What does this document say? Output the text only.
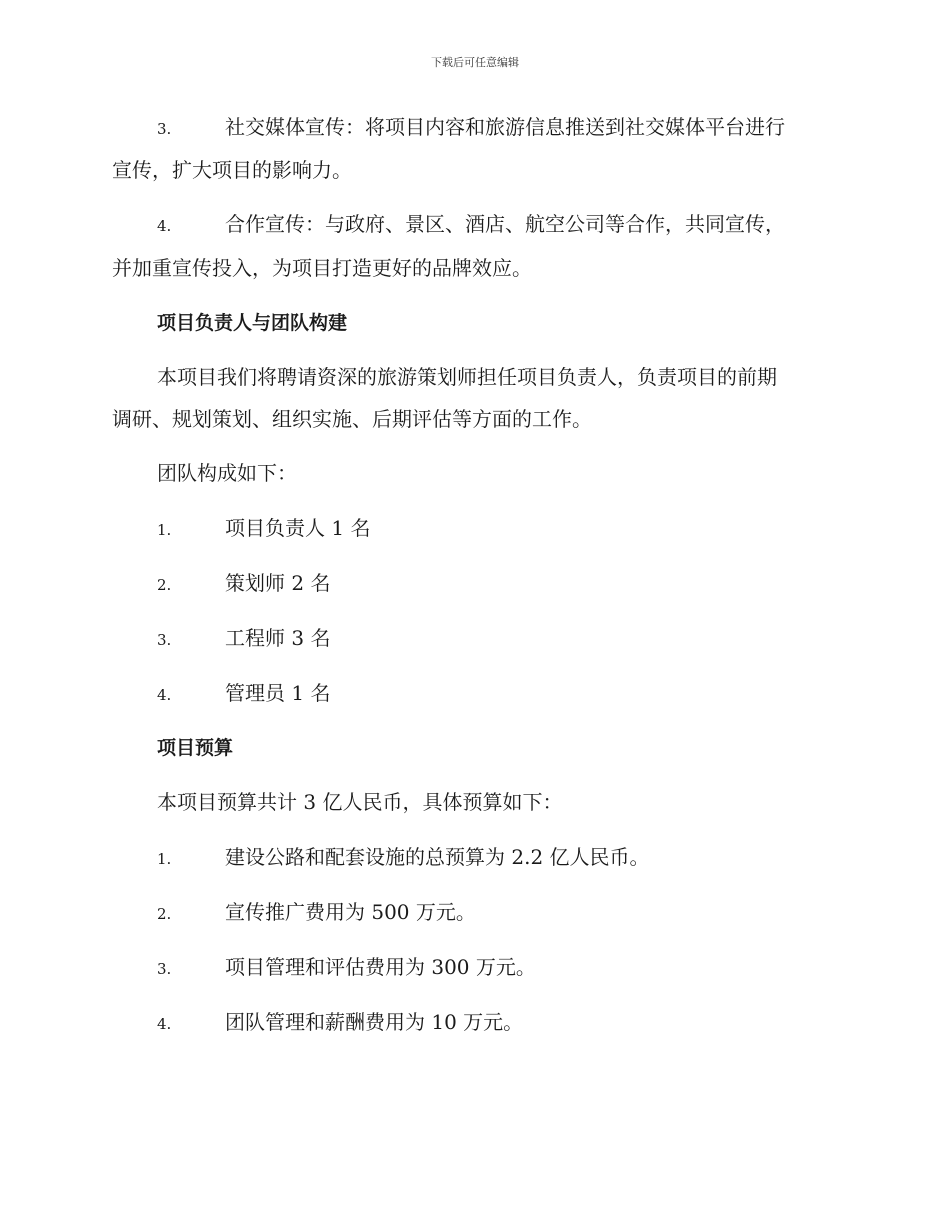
下载后可任意编辑
3.	社交媒体宣传：将项目内容和旅游信息推送到社交媒体平台进行
宣传，扩大项目的影响力。
4.	合作宣传：与政府、景区、酒店、航空公司等合作，共同宣传，
并加重宣传投入，为项目打造更好的品牌效应。
项目负责人与团队构建
本项目我们将聘请资深的旅游策划师担任项目负责人，负责项目的前期
调研、规划策划、组织实施、后期评估等方面的工作。
团队构成如下：
1.	项目负责人 1 名
2.	策划师 2 名
3.	工程师 3 名
4.	管理员 1 名
项目预算
本项目预算共计 3 亿人民币，具体预算如下：
1.	建设公路和配套设施的总预算为 2.2 亿人民币。
2.	宣传推广费用为 500 万元。
3.	项目管理和评估费用为 300 万元。
4.	团队管理和薪酬费用为 10 万元。
